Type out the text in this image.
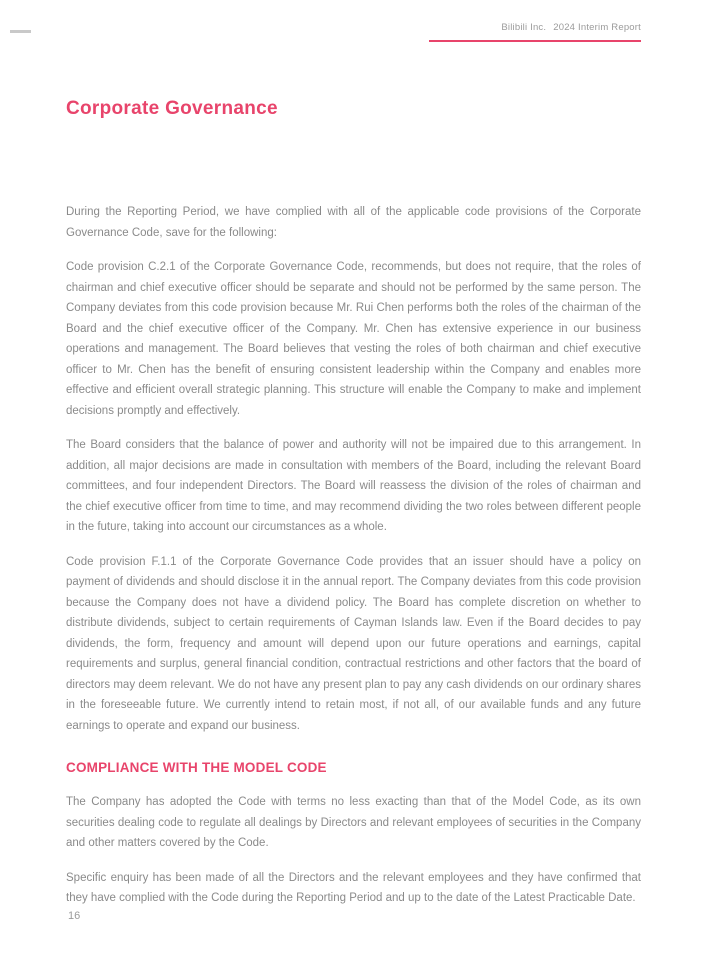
Bilibili Inc. 2024 Interim Report
Corporate Governance

During the Reporting Period, we have complied with all of the applicable code provisions of the Corporate Governance Code, save for the following:

Code provision C.2.1 of the Corporate Governance Code, recommends, but does not require, that the roles of chairman and chief executive officer should be separate and should not be performed by the same person. The Company deviates from this code provision because Mr. Rui Chen performs both the roles of the chairman of the Board and the chief executive officer of the Company. Mr. Chen has extensive experience in our business operations and management. The Board believes that vesting the roles of both chairman and chief executive officer to Mr. Chen has the benefit of ensuring consistent leadership within the Company and enables more effective and efficient overall strategic planning. This structure will enable the Company to make and implement decisions promptly and effectively.

The Board considers that the balance of power and authority will not be impaired due to this arrangement. In addition, all major decisions are made in consultation with members of the Board, including the relevant Board committees, and four independent Directors. The Board will reassess the division of the roles of chairman and the chief executive officer from time to time, and may recommend dividing the two roles between different people in the future, taking into account our circumstances as a whole.

Code provision F.1.1 of the Corporate Governance Code provides that an issuer should have a policy on payment of dividends and should disclose it in the annual report. The Company deviates from this code provision because the Company does not have a dividend policy. The Board has complete discretion on whether to distribute dividends, subject to certain requirements of Cayman Islands law. Even if the Board decides to pay dividends, the form, frequency and amount will depend upon our future operations and earnings, capital requirements and surplus, general financial condition, contractual restrictions and other factors that the board of directors may deem relevant. We do not have any present plan to pay any cash dividends on our ordinary shares in the foreseeable future. We currently intend to retain most, if not all, of our available funds and any future earnings to operate and expand our business.

COMPLIANCE WITH THE MODEL CODE

The Company has adopted the Code with terms no less exacting than that of the Model Code, as its own securities dealing code to regulate all dealings by Directors and relevant employees of securities in the Company and other matters covered by the Code.

Specific enquiry has been made of all the Directors and the relevant employees and they have confirmed that they have complied with the Code during the Reporting Period and up to the date of the Latest Practicable Date.

16
